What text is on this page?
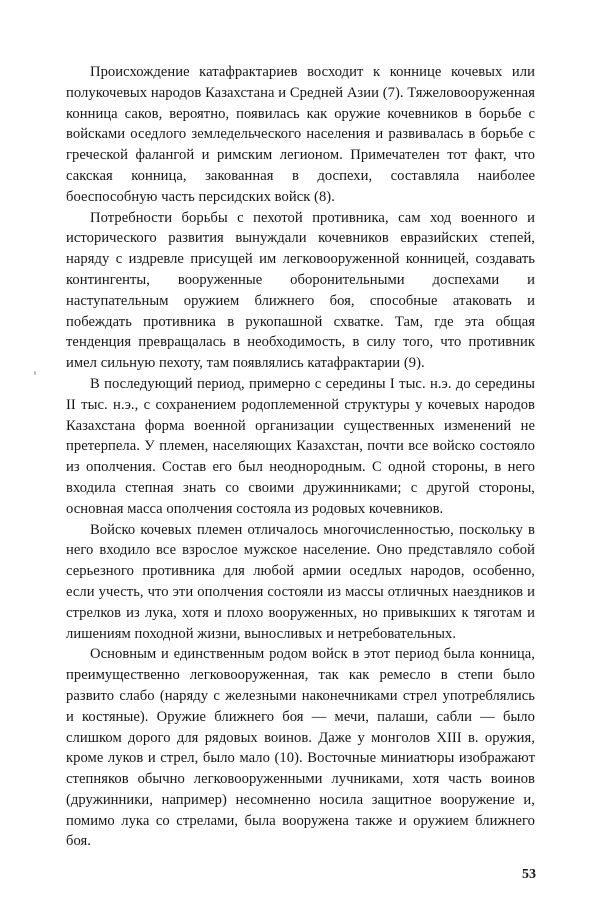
Происхождение катафрактариев восходит к коннице кочевых или полукочевых народов Казахстана и Средней Азии (7). Тяжеловооруженная конница саков, вероятно, появилась как оружие кочевников в борьбе с войсками оседлого земледельческого населения и развивалась в борьбе с греческой фалангой и римским легионом. Примечателен тот факт, что сакская конница, закованная в доспехи, составляла наиболее боеспособную часть персидских войск (8).

Потребности борьбы с пехотой противника, сам ход военного и исторического развития вынуждали кочевников евразийских степей, наряду с издревле присущей им легковооруженной конницей, создавать контингенты, вооруженные оборонительными доспехами и наступательным оружием ближнего боя, способные атаковать и побеждать противника в рукопашной схватке. Там, где эта общая тенденция превращалась в необходимость, в силу того, что противник имел сильную пехоту, там появлялись катафрактарии (9).

В последующий период, примерно с середины I тыс. н.э. до середины II тыс. н.э., с сохранением родоплеменной структуры у кочевых народов Казахстана форма военной организации существенных изменений не претерпела. У племен, населяющих Казахстан, почти все войско состояло из ополчения. Состав его был неоднородным. С одной стороны, в него входила степная знать со своими дружинниками; с другой стороны, основная масса ополчения состояла из родовых кочевников.

Войско кочевых племен отличалось многочисленностью, поскольку в него входило все взрослое мужское население. Оно представляло собой серьезного противника для любой армии оседлых народов, особенно, если учесть, что эти ополчения состояли из массы отличных наездников и стрелков из лука, хотя и плохо вооруженных, но привыкших к тяготам и лишениям походной жизни, выносливых и нетребовательных.

Основным и единственным родом войск в этот период была конница, преимущественно легковооруженная, так как ремесло в степи было развито слабо (наряду с железными наконечниками стрел употреблялись и костяные). Оружие ближнего боя — мечи, палаши, сабли — было слишком дорого для рядовых воинов. Даже у монголов XIII в. оружия, кроме луков и стрел, было мало (10). Восточные миниатюры изображают степняков обычно легковооруженными лучниками, хотя часть воинов (дружинники, например) несомненно носила защитное вооружение и, помимо лука со стрелами, была вооружена также и оружием ближнего боя.

53
